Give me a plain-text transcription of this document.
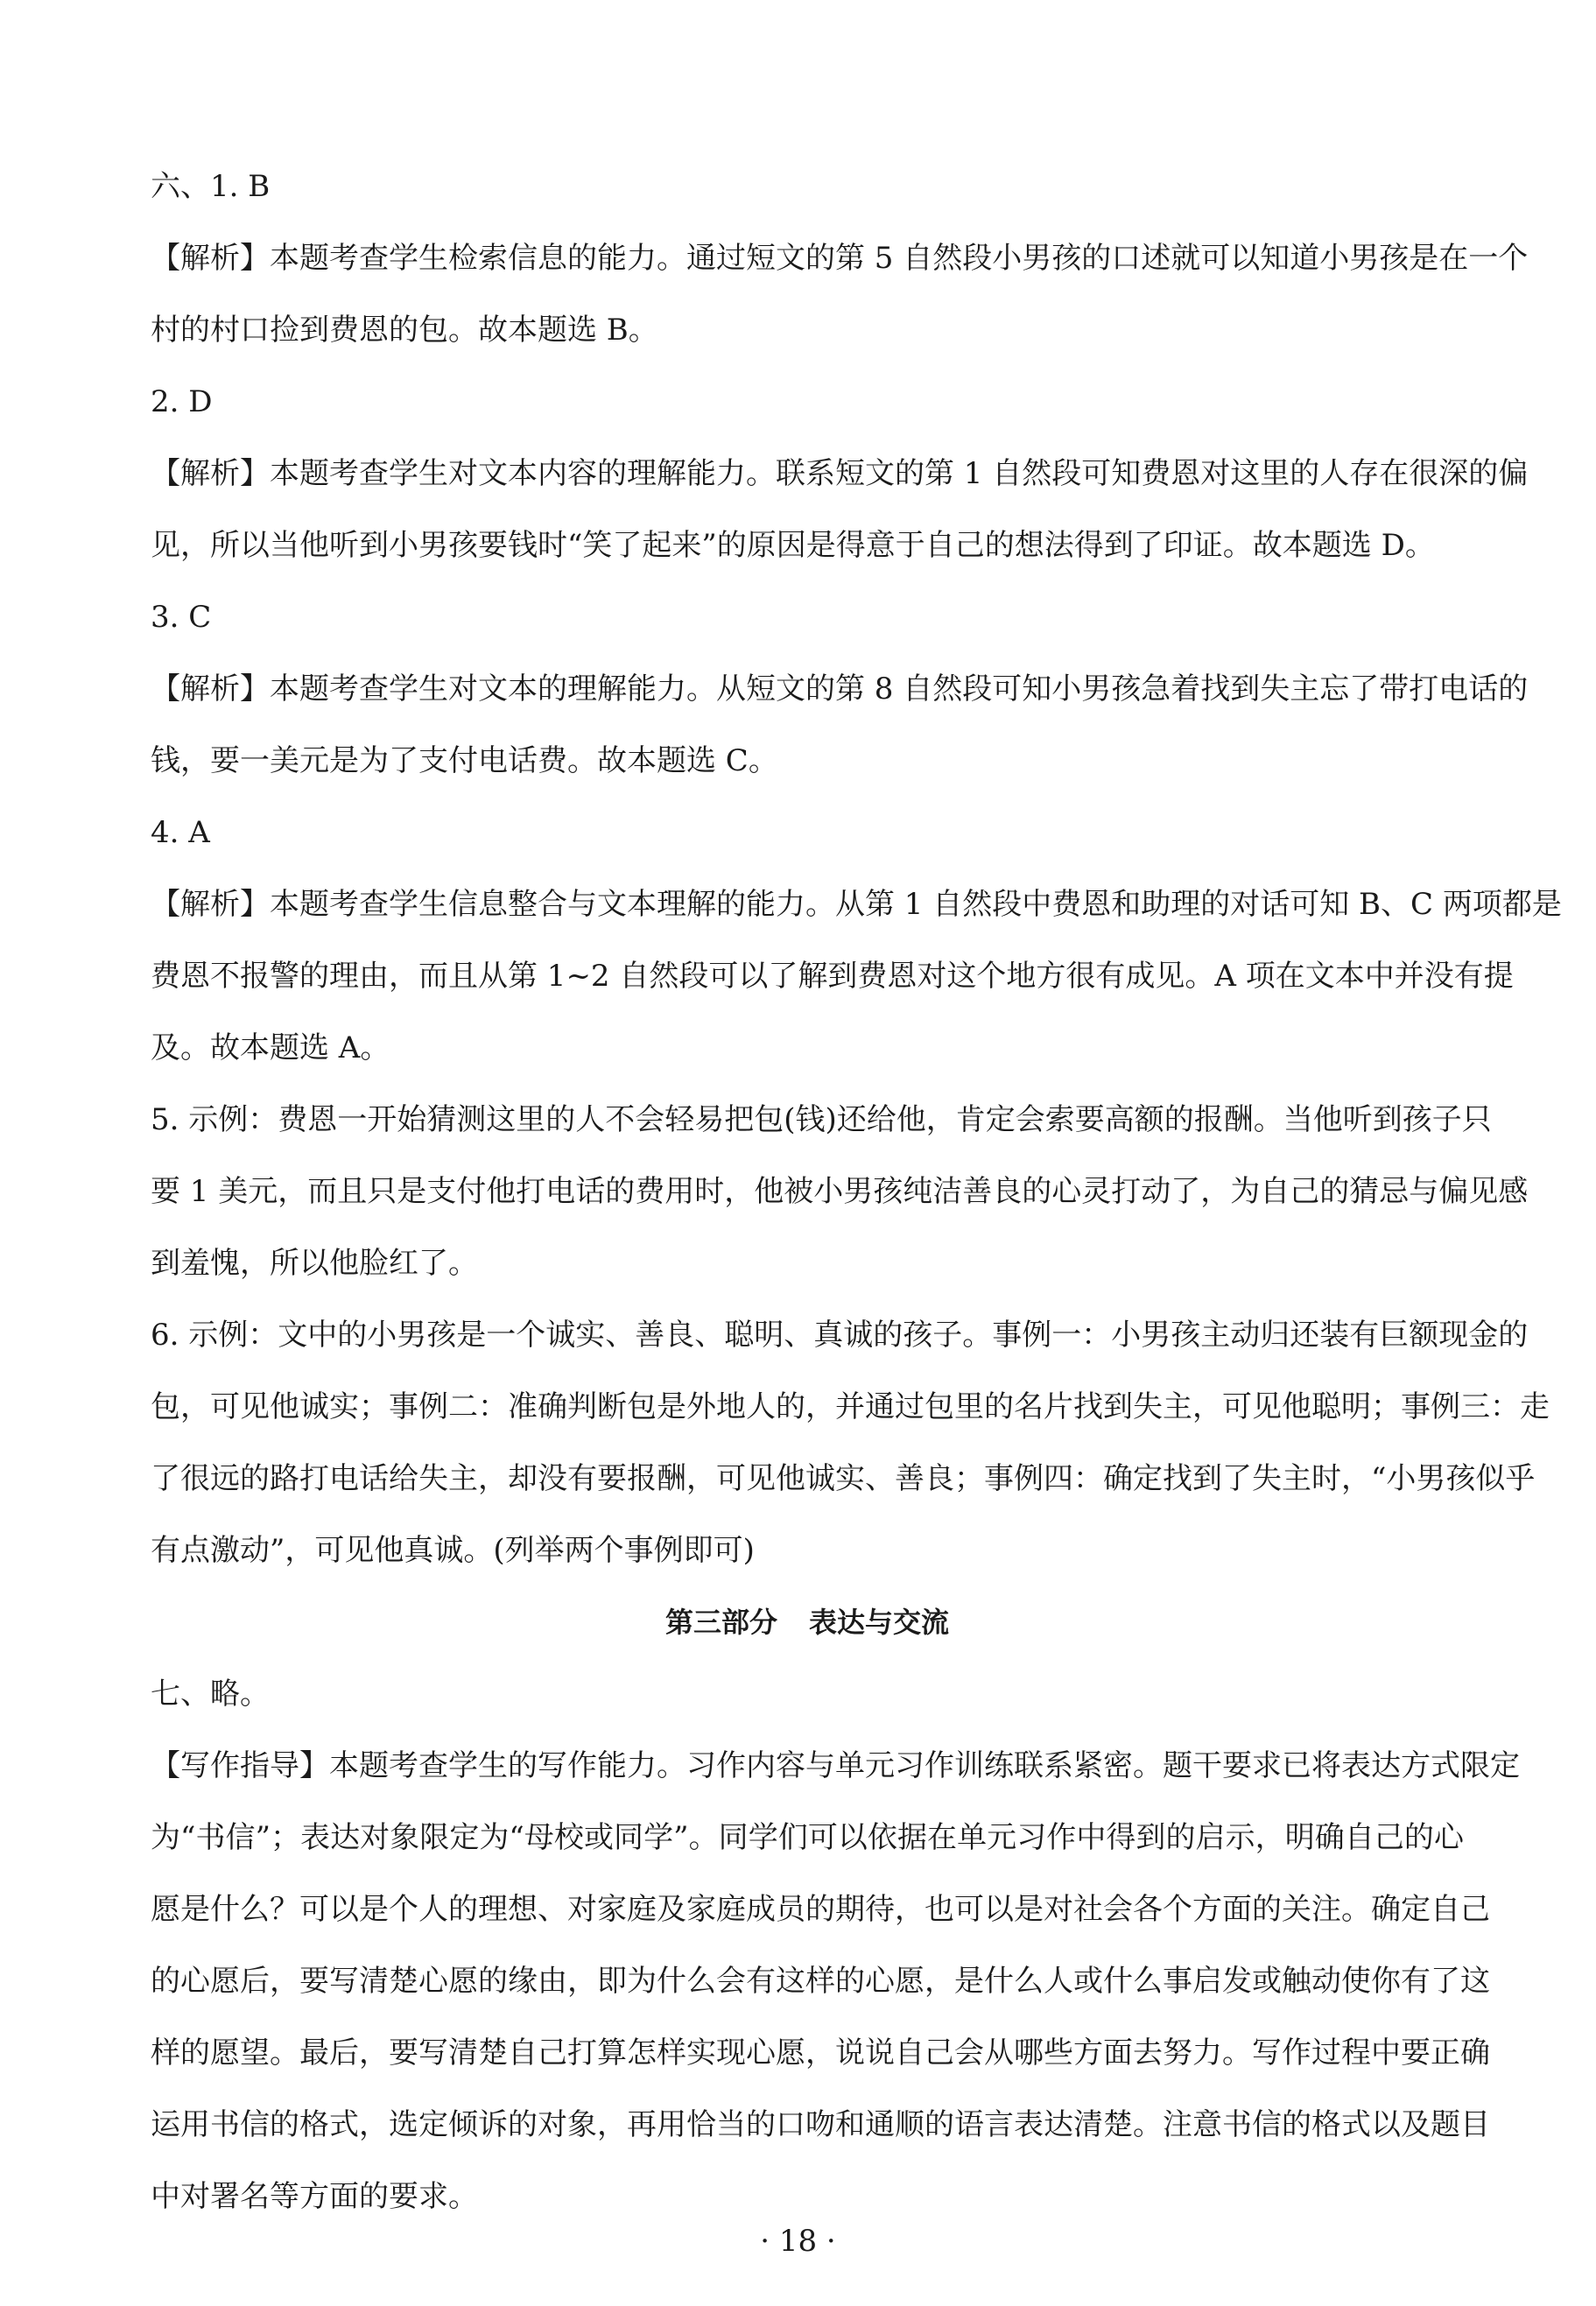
六、1. B

【解析】本题考查学生检索信息的能力。通过短文的第 5 自然段小男孩的口述就可以知道小男孩是在一个

村的村口捡到费恩的包。故本题选 B。

2. D

【解析】本题考查学生对文本内容的理解能力。联系短文的第 1 自然段可知费恩对这里的人存在很深的偏

见，所以当他听到小男孩要钱时“笑了起来”的原因是得意于自己的想法得到了印证。故本题选 D。

3. C

【解析】本题考查学生对文本的理解能力。从短文的第 8 自然段可知小男孩急着找到失主忘了带打电话的

钱，要一美元是为了支付电话费。故本题选 C。

4. A

【解析】本题考查学生信息整合与文本理解的能力。从第 1 自然段中费恩和助理的对话可知 B、C 两项都是

费恩不报警的理由，而且从第 1~2 自然段可以了解到费恩对这个地方很有成见。A 项在文本中并没有提

及。故本题选 A。

5. 示例：费恩一开始猜测这里的人不会轻易把包(钱)还给他，肯定会索要高额的报酬。当他听到孩子只

要 1 美元，而且只是支付他打电话的费用时，他被小男孩纯洁善良的心灵打动了，为自己的猜忌与偏见感

到羞愧，所以他脸红了。

6. 示例：文中的小男孩是一个诚实、善良、聪明、真诚的孩子。事例一：小男孩主动归还装有巨额现金的

包，可见他诚实；事例二：准确判断包是外地人的，并通过包里的名片找到失主，可见他聪明；事例三：走

了很远的路打电话给失主，却没有要报酬，可见他诚实、善良；事例四：确定找到了失主时，“小男孩似乎

有点激动”，可见他真诚。(列举两个事例即可)

第三部分 表达与交流

七、略。

【写作指导】本题考查学生的写作能力。习作内容与单元习作训练联系紧密。题干要求已将表达方式限定

为“书信”；表达对象限定为“母校或同学”。同学们可以依据在单元习作中得到的启示，明确自己的心

愿是什么？可以是个人的理想、对家庭及家庭成员的期待，也可以是对社会各个方面的关注。确定自己

的心愿后，要写清楚心愿的缘由，即为什么会有这样的心愿，是什么人或什么事启发或触动使你有了这

样的愿望。最后，要写清楚自己打算怎样实现心愿，说说自己会从哪些方面去努力。写作过程中要正确

运用书信的格式，选定倾诉的对象，再用恰当的口吻和通顺的语言表达清楚。注意书信的格式以及题目

中对署名等方面的要求。

· 18 ·
